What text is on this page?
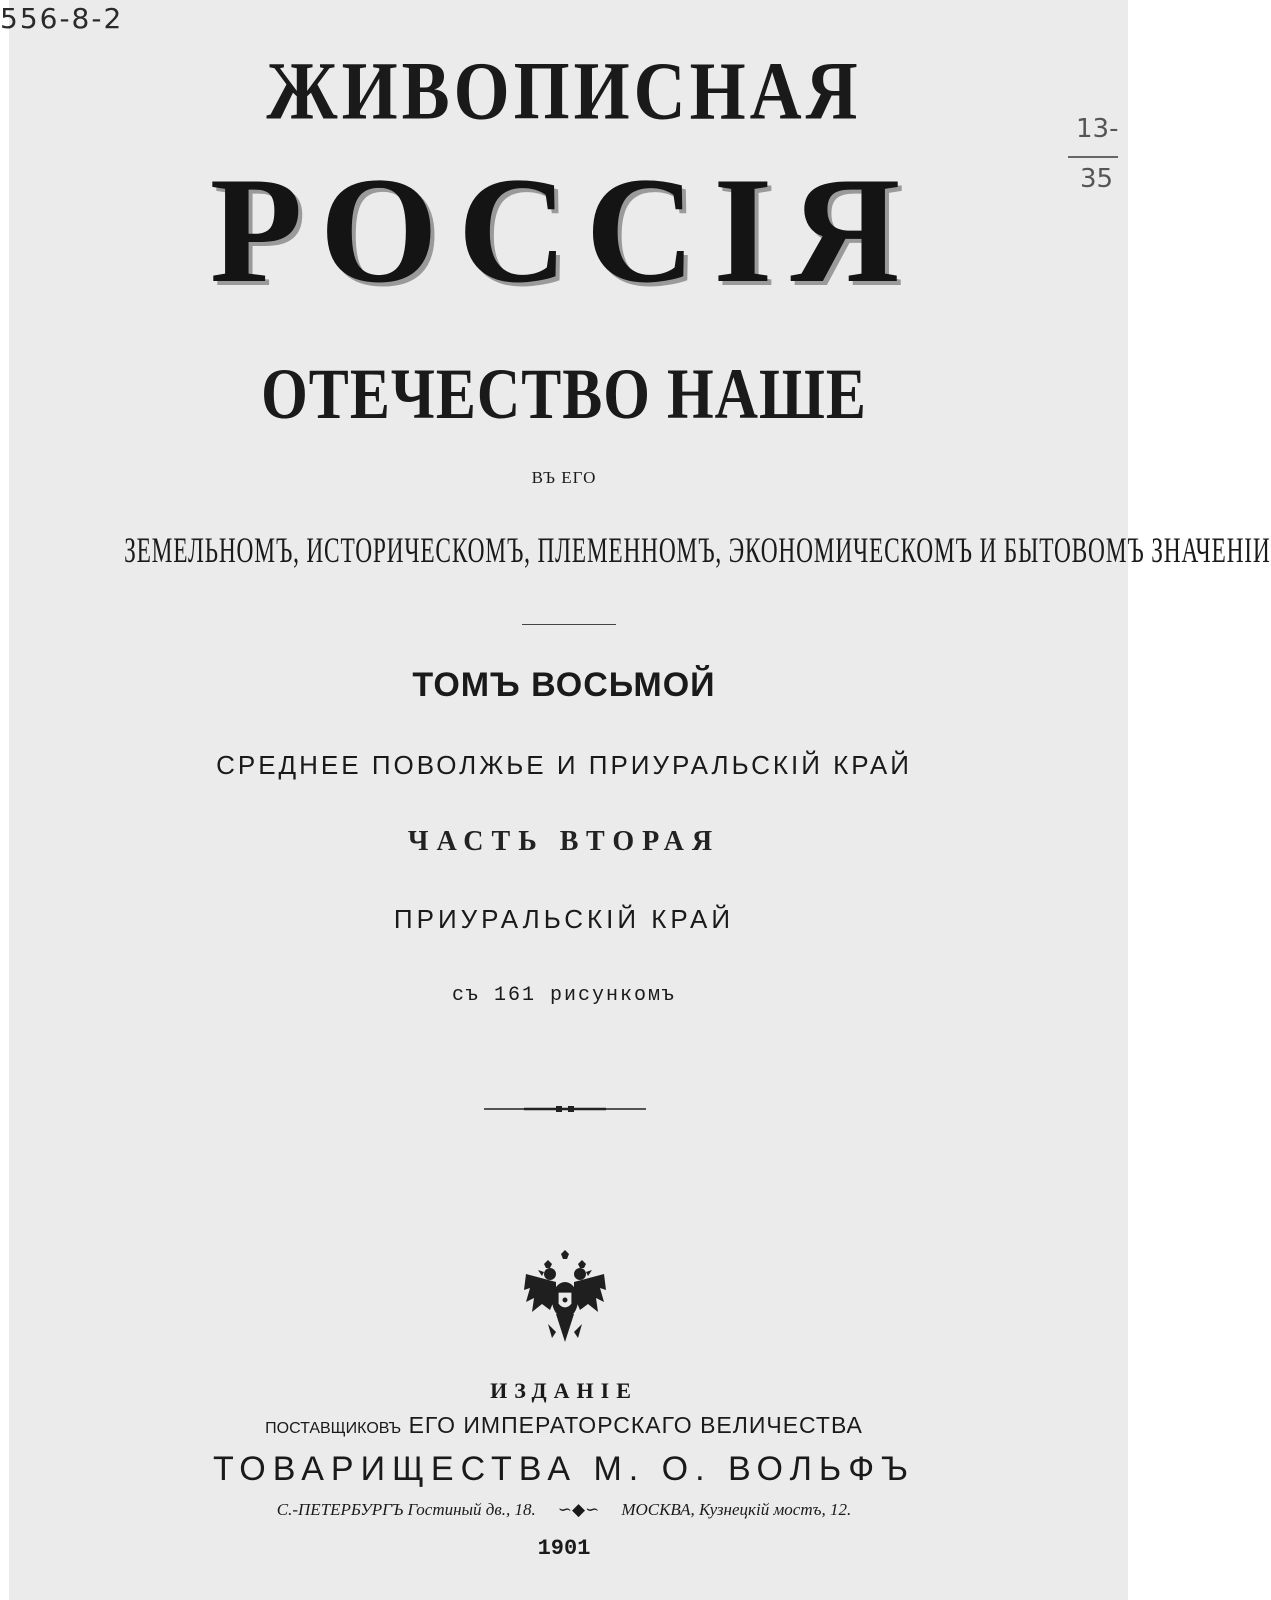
556-8-2
13-
35
ЖИВОПИСНАЯ
РОССІЯ
ОТЕЧЕСТВО НАШЕ
ВЪ ЕГО
ЗЕМЕЛЬНОМЪ, ИСТОРИЧЕСКОМЪ, ПЛЕМЕННОМЪ, ЭКОНОМИЧЕСКОМЪ И БЫТОВОМЪ ЗНАЧЕНІИ
ТОМЪ ВОСЬМОЙ
СРЕДНЕЕ ПОВОЛЖЬЕ И ПРИУРАЛЬСКІЙ КРАЙ
ЧАСТЬ ВТОРАЯ
ПРИУРАЛЬСКІЙ КРАЙ
съ 161 рисункомъ
ИЗДАНІЕ
ПОСТАВЩИКОВЪ ЕГО ИМПЕРАТОРСКАГО ВЕЛИЧЕСТВА
ТОВАРИЩЕСТВА М. О. ВОЛЬФЪ
С.-ПЕТЕРБУРГЪ Гостиный дв., 18. ∽◆∽ МОСКВА, Кузнецкій мостъ, 12.
1901
